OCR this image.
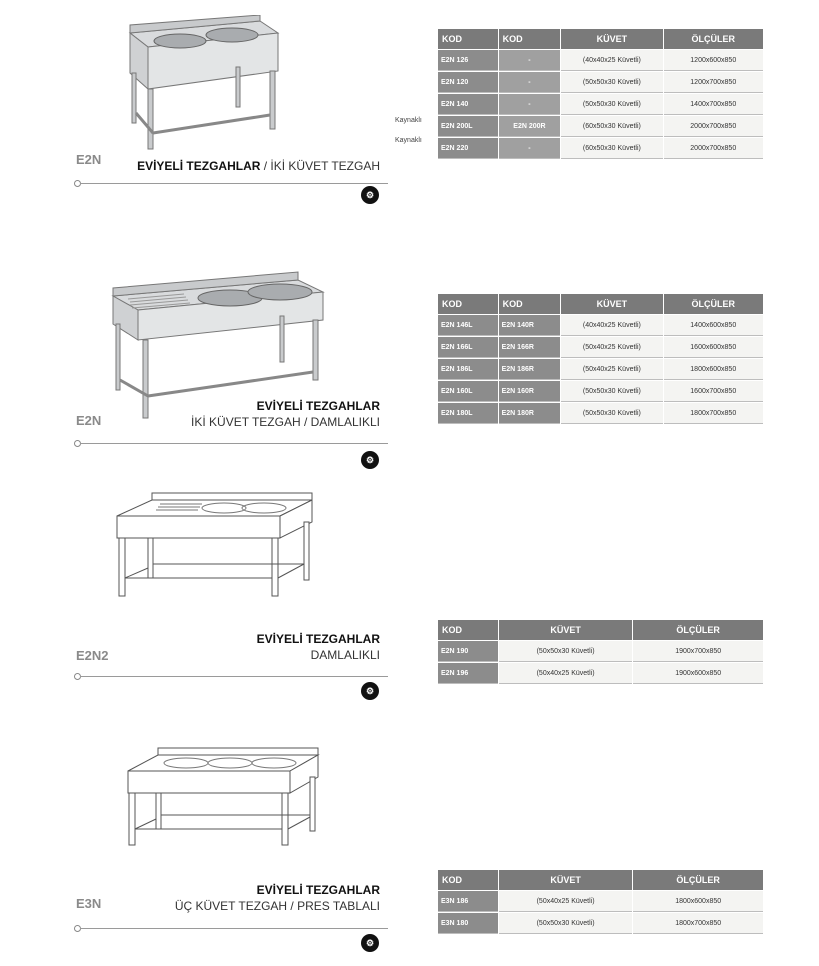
E2N	EVİYELİ TEZGAHLAR / İKİ KÜVET TEZGAH
⚙
Kaynaklı
Kaynaklı
KOD	KOD	KÜVET	ÖLÇÜLER
E2N 126	-	(40x40x25 Küvetli)	1200x600x850
E2N 120	-	(50x50x30 Küvetli)	1200x700x850
E2N 140	-	(50x50x30 Küvetli)	1400x700x850
E2N 200L	E2N 200R	(60x50x30 Küvetli)	2000x700x850
E2N 220	-	(60x50x30 Küvetli)	2000x700x850
E2N
EVİYELİ TEZGAHLAR
İKİ KÜVET TEZGAH / DAMLALIKLI
⚙
KOD	KOD	KÜVET	ÖLÇÜLER
E2N 146L	E2N 140R	(40x40x25 Küvetli)	1400x600x850
E2N 166L	E2N 166R	(50x40x25 Küvetli)	1600x600x850
E2N 186L	E2N 186R	(50x40x25 Küvetli)	1800x600x850
E2N 160L	E2N 160R	(50x50x30 Küvetli)	1600x700x850
E2N 180L	E2N 180R	(50x50x30 Küvetli)	1800x700x850
E2N2
EVİYELİ TEZGAHLAR
DAMLALIKLI
⚙
KOD	KÜVET	ÖLÇÜLER
E2N 190	(50x50x30 Küvetli)	1900x700x850
E2N 196	(50x40x25 Küvetli)	1900x600x850
E3N
EVİYELİ TEZGAHLAR
ÜÇ KÜVET TEZGAH / PRES TABLALI
⚙
KOD	KÜVET	ÖLÇÜLER
E3N 186	(50x40x25 Küvetli)	1800x600x850
E3N 180	(50x50x30 Küvetli)	1800x700x850
